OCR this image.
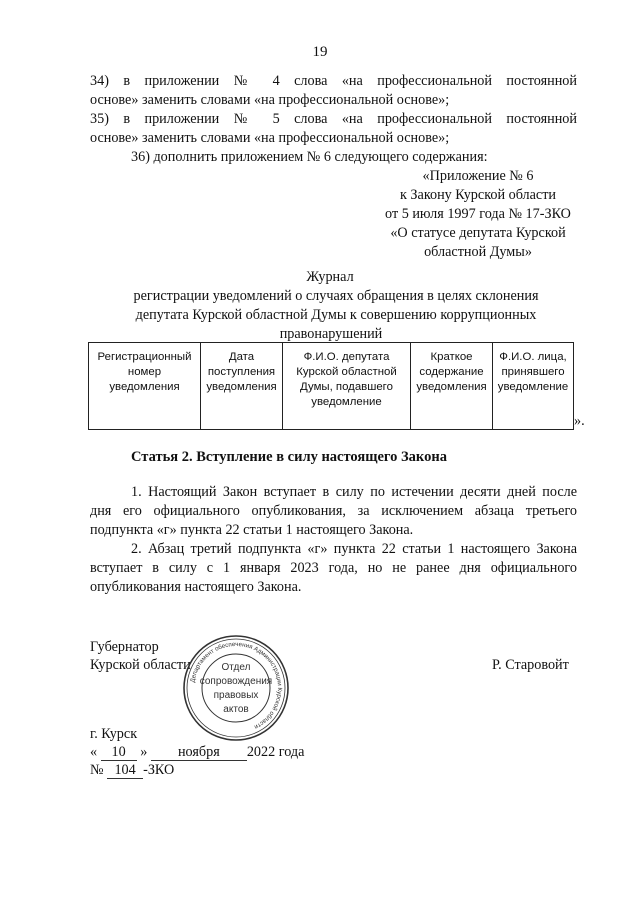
19
34) в приложении № 4 слова «на профессиональной постоянной
основе» заменить словами «на профессиональной основе»;
35) в приложении № 5 слова «на профессиональной постоянной
основе» заменить словами «на профессиональной основе»;
36) дополнить приложением № 6 следующего содержания:
«Приложение № 6
к Закону Курской области
от 5 июля 1997 года № 17-ЗКО
«О статусе депутата Курской
областной Думы»
Журнал
регистрации уведомлений о случаях обращения в целях склонения
депутата Курской областной Думы к совершению коррупционных
правонарушений
Регистрационный
номер
уведомления

Дата
поступления
уведомления

Ф.И.О. депутата
Курской областной
Думы, подавшего
уведомление

Краткое
содержание
уведомления

Ф.И.О. лица,
принявшего
уведомление
».
Статья 2. Вступление в силу настоящего Закона
1. Настоящий Закон вступает в силу по истечении десяти дней после
дня его официального опубликования, за исключением абзаца третьего
подпункта «г» пункта 22 статьи 1 настоящего Закона.
2. Абзац третий подпункта «г» пункта 22 статьи 1 настоящего Закона
вступает в силу с 1 января 2023 года, но не ранее дня официального
опубликования настоящего Закона.
Губернатор
Курской области	Р. Старовойт
Департамент обеспечения Администрации Курской области
Отдел
сопровождения
правовых
актов
г. Курск
« 10 » ноября 2022 года
№ 104 -ЗКО
